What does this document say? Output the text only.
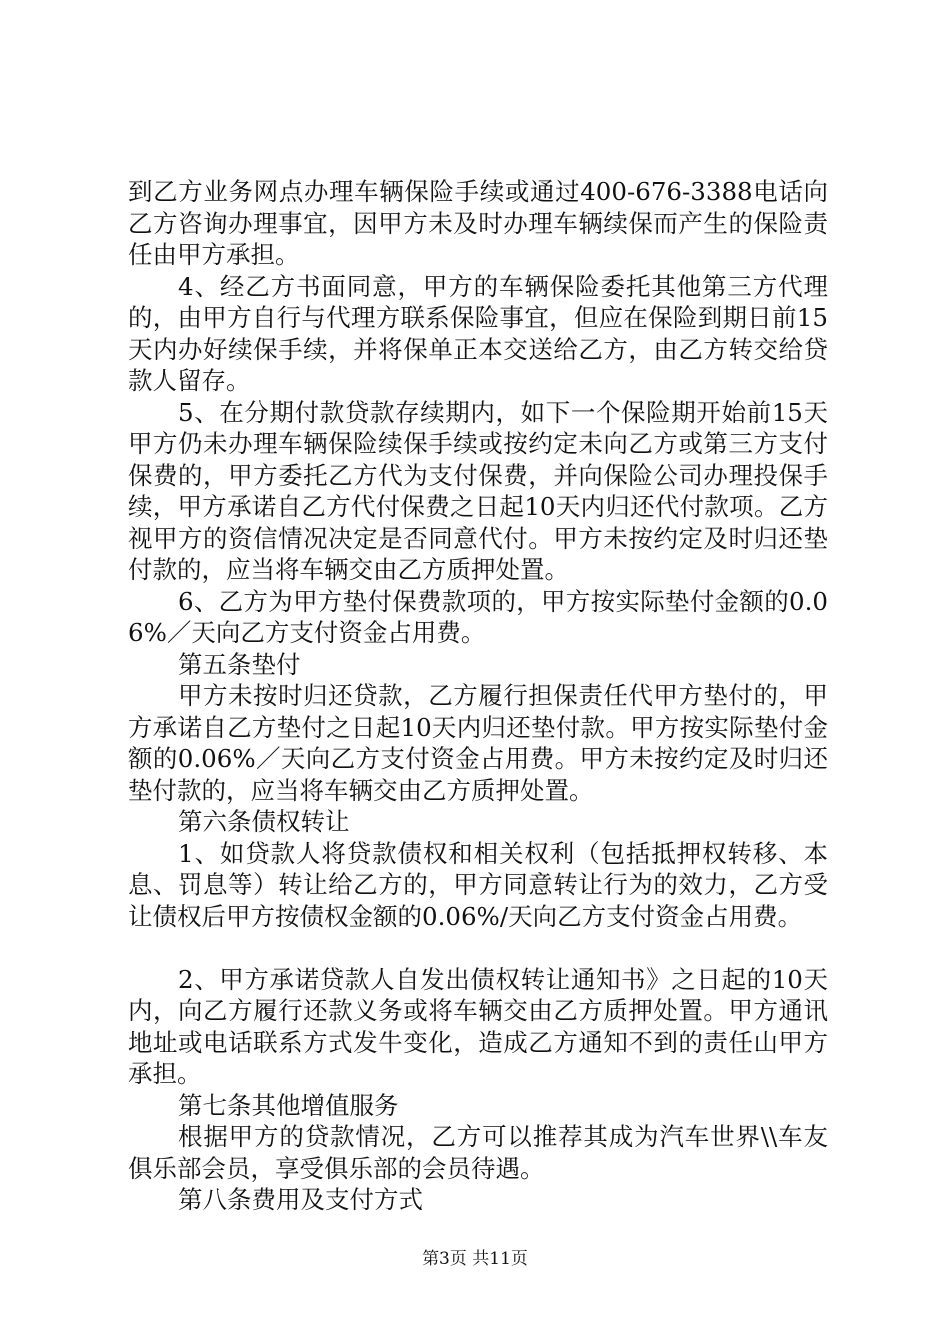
到乙方业务网点办理车辆保险手续或通过400-676-3388电话向乙方咨询办理事宜，因甲方未及时办理车辆续保而产生的保险责任由甲方承担。

4、经乙方书面同意，甲方的车辆保险委托其他第三方代理的，由甲方自行与代理方联系保险事宜，但应在保险到期日前15天内办好续保手续，并将保单正本交送给乙方，由乙方转交给贷款人留存。

5、在分期付款贷款存续期内，如下一个保险期开始前15天甲方仍未办理车辆保险续保手续或按约定未向乙方或第三方支付保费的，甲方委托乙方代为支付保费，并向保险公司办理投保手续，甲方承诺自乙方代付保费之日起10天内归还代付款项。乙方视甲方的资信情况决定是否同意代付。甲方未按约定及时归还垫付款的，应当将车辆交由乙方质押处置。

6、乙方为甲方垫付保费款项的，甲方按实际垫付金额的0.06%／天向乙方支付资金占用费。

第五条垫付

甲方未按时归还贷款，乙方履行担保责任代甲方垫付的，甲方承诺自乙方垫付之日起10天内归还垫付款。甲方按实际垫付金额的0.06%／天向乙方支付资金占用费。甲方未按约定及时归还垫付款的，应当将车辆交由乙方质押处置。

第六条债权转让

1、如贷款人将贷款债权和相关权利（包括抵押权转移、本息、罚息等）转让给乙方的，甲方同意转让行为的效力，乙方受让债权后甲方按债权金额的0.06%/天向乙方支付资金占用费。

2、甲方承诺贷款人自发出债权转让通知书》之日起的10天内，向乙方履行还款义务或将车辆交由乙方质押处置。甲方通讯地址或电话联系方式发牛变化，造成乙方通知不到的责任山甲方承担。

第七条其他增值服务

根据甲方的贷款情况，乙方可以推荐其成为汽车世界\\车友俱乐部会员，享受俱乐部的会员待遇。

第八条费用及支付方式

第3页 共11页
